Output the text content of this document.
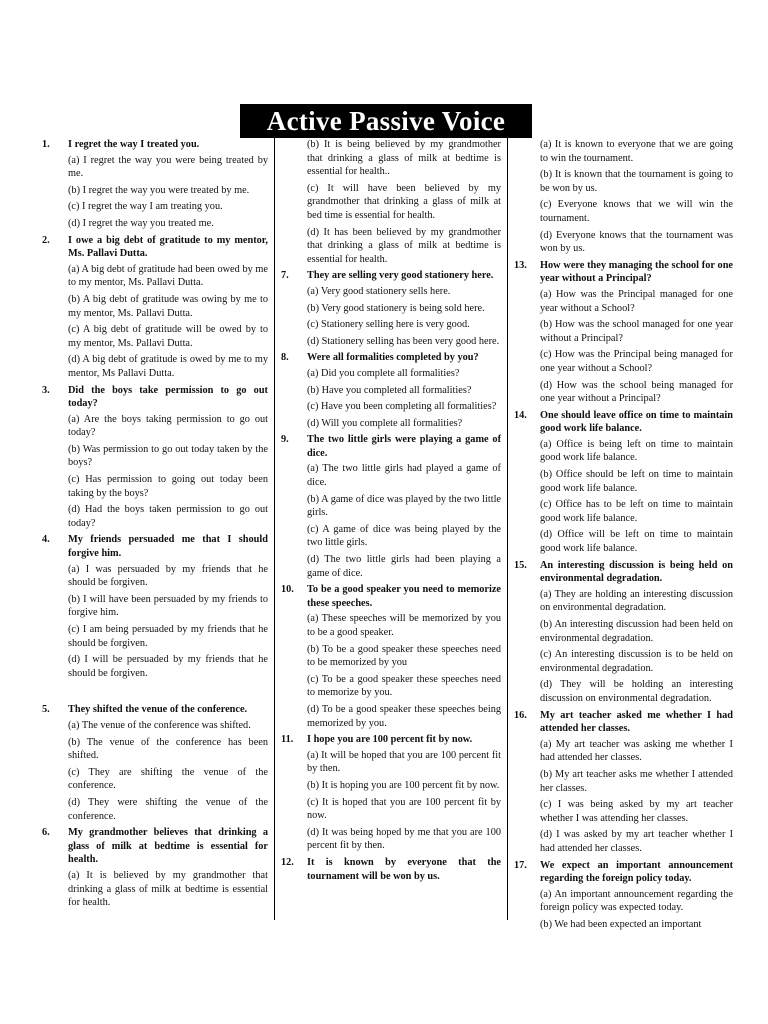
Active Passive Voice
1. I regret the way I treated you.
(a) I regret the way you were being treated by me.
(b) I regret the way you were treated by me.
(c) I regret the way I am treating you.
(d) I regret the way you treated me.
2. I owe a big debt of gratitude to my mentor, Ms. Pallavi Dutta.
(a) A big debt of gratitude had been owed by me to my mentor, Ms. Pallavi Dutta.
(b) A big debt of gratitude was owing by me to my mentor, Ms. Pallavi Dutta.
(c) A big debt of gratitude will be owed by to my mentor, Ms. Pallavi Dutta.
(d) A big debt of gratitude is owed by me to my mentor, Ms Pallavi Dutta.
3. Did the boys take permission to go out today?
(a) Are the boys taking permission to go out today?
(b) Was permission to go out today taken by the boys?
(c) Has permission to going out today been taking by the boys?
(d) Had the boys taken permission to go out today?
4. My friends persuaded me that I should forgive him.
(a) I was persuaded by my friends that he should be forgiven.
(b) I will have been persuaded by my friends to forgive him.
(c) I am being persuaded by my friends that he should be forgiven.
(d) I will be persuaded by my friends that he should be forgiven.
5. They shifted the venue of the conference.
(a) The venue of the conference was shifted.
(b) The venue of the conference has been shifted.
(c) They are shifting the venue of the conference.
(d) They were shifting the venue of the conference.
6. My grandmother believes that drinking a glass of milk at bedtime is essential for health.
(a) It is believed by my grandmother that drinking a glass of milk at bedtime is essential for health.
(b) It is being believed by my grandmother that drinking a glass of milk at bedtime is essential for health..
(c) It will have been believed by my grandmother that drinking a glass of milk at bed time is essential for health.
(d) It has been believed by my grandmother that drinking a glass of milk at bedtime is essential for health.
7. They are selling very good stationery here.
(a) Very good stationery sells here.
(b) Very good stationery is being sold here.
(c) Stationery selling here is very good.
(d) Stationery selling has been very good here.
8. Were all formalities completed by you?
(a) Did you complete all formalities?
(b) Have you completed all formalities?
(c) Have you been completing all formalities?
(d) Will you complete all formalities?
9. The two little girls were playing a game of dice.
(a) The two little girls had played a game of dice.
(b) A game of dice was played by the two little girls.
(c) A game of dice was being played by the two little girls.
(d) The two little girls had been playing a game of dice.
10. To be a good speaker you need to memorize these speeches.
(a) These speeches will be memorized by you to be a good speaker.
(b) To be a good speaker these speeches need to be memorized by you
(c) To be a good speaker these speeches need to memorize by you.
(d) To be a good speaker these speeches being memorized by you.
11. I hope you are 100 percent fit by now.
(a) It will be hoped that you are 100 percent fit by then.
(b) It is hoping you are 100 percent fit by now.
(c) It is hoped that you are 100 percent fit by now.
(d) It was being hoped by me that you are 100 percent fit by then.
12. It is known by everyone that the tournament will be won by us.
(a) It is known to everyone that we are going to win the tournament.
(b) It is known that the tournament is going to be won by us.
(c) Everyone knows that we will win the tournament.
(d) Everyone knows that the tournament was won by us.
13. How were they managing the school for one year without a Principal?
(a) How was the Principal managed for one year without a School?
(b) How was the school managed for one year without a Principal?
(c) How was the Principal being managed for one year without a School?
(d) How was the school being managed for one year without a Principal?
14. One should leave office on time to maintain good work life balance.
(a) Office is being left on time to maintain good work life balance.
(b) Office should be left on time to maintain good work life balance.
(c) Office has to be left on time to maintain good work life balance.
(d) Office will be left on time to maintain good work life balance.
15. An interesting discussion is being held on environmental degradation.
(a) They are holding an interesting discussion on environmental degradation.
(b) An interesting discussion had been held on environmental degradation.
(c) An interesting discussion is to be held on environmental degradation.
(d) They will be holding an interesting discussion on environmental degradation.
16. My art teacher asked me whether I had attended her classes.
(a) My art teacher was asking me whether I had attended her classes.
(b) My art teacher asks me whether I attended her classes.
(c) I was being asked by my art teacher whether I was attending her classes.
(d) I was asked by my art teacher whether I had attended her classes.
17. We expect an important announcement regarding the foreign policy today.
(a) An important announcement regarding the foreign policy was expected today.
(b) We had been expected an important
